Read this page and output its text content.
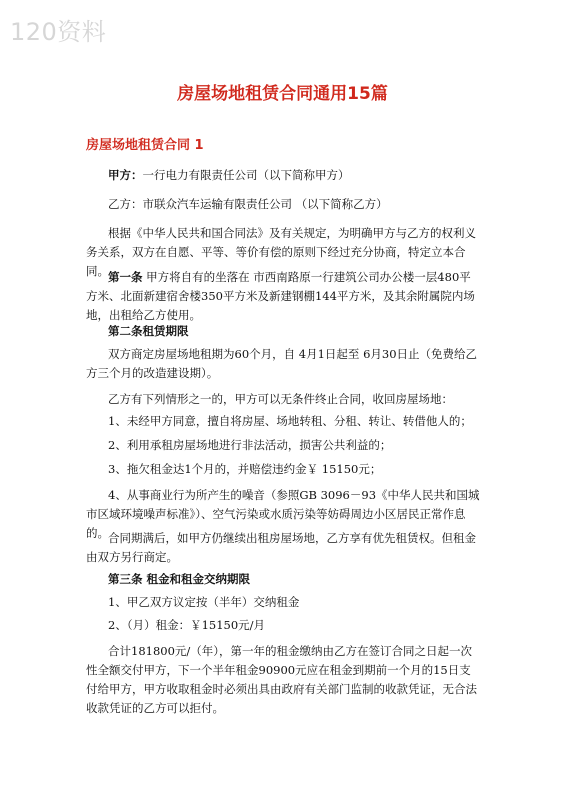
120资料
房屋场地租赁合同通用15篇
房屋场地租赁合同 1
甲方：一行电力有限责任公司（以下简称甲方）
乙方：市联众汽车运输有限责任公司 （以下简称乙方）
根据《中华人民共和国合同法》及有关规定，为明确甲方与乙方的权利义务关系，双方在自愿、平等、等价有偿的原则下经过充分协商，特定立本合同。 第一条 甲方将自有的坐落在 市西南路原一行建筑公司办公楼一层480平方米、北面新建宿舍楼350平方米及新建钢棚144平方米，及其余附属院内场地，出租给乙方使用。
第二条租赁期限
双方商定房屋场地租期为60个月，自 4月1日起至 6月30日止（免费给乙方三个月的改造建设期）。
乙方有下列情形之一的，甲方可以无条件终止合同，收回房屋场地：
1、未经甲方同意，擅自将房屋、场地转租、分租、转让、转借他人的；
2、利用承租房屋场地进行非法活动，损害公共利益的；
3、拖欠租金达1个月的，并赔偿违约金￥ 15150元；
4、从事商业行为所产生的噪音（参照GB 3096－93《中华人民共和国城市区域环境噪声标准》）、空气污染或水质污染等妨碍周边小区居民正常作息的。 合同期满后，如甲方仍继续出租房屋场地，乙方享有优先租赁权。但租金由双方另行商定。
第三条 租金和租金交纳期限
1、甲乙双方议定按（半年）交纳租金
2、（月）租金：￥15150元/月
合计181800元/（年），第一年的租金缴纳由乙方在签订合同之日起一次性全额交付甲方，下一个半年租金90900元应在租金到期前一个月的15日支付给甲方，甲方收取租金时必须出具由政府有关部门监制的收款凭证，无合法收款凭证的乙方可以拒付。
